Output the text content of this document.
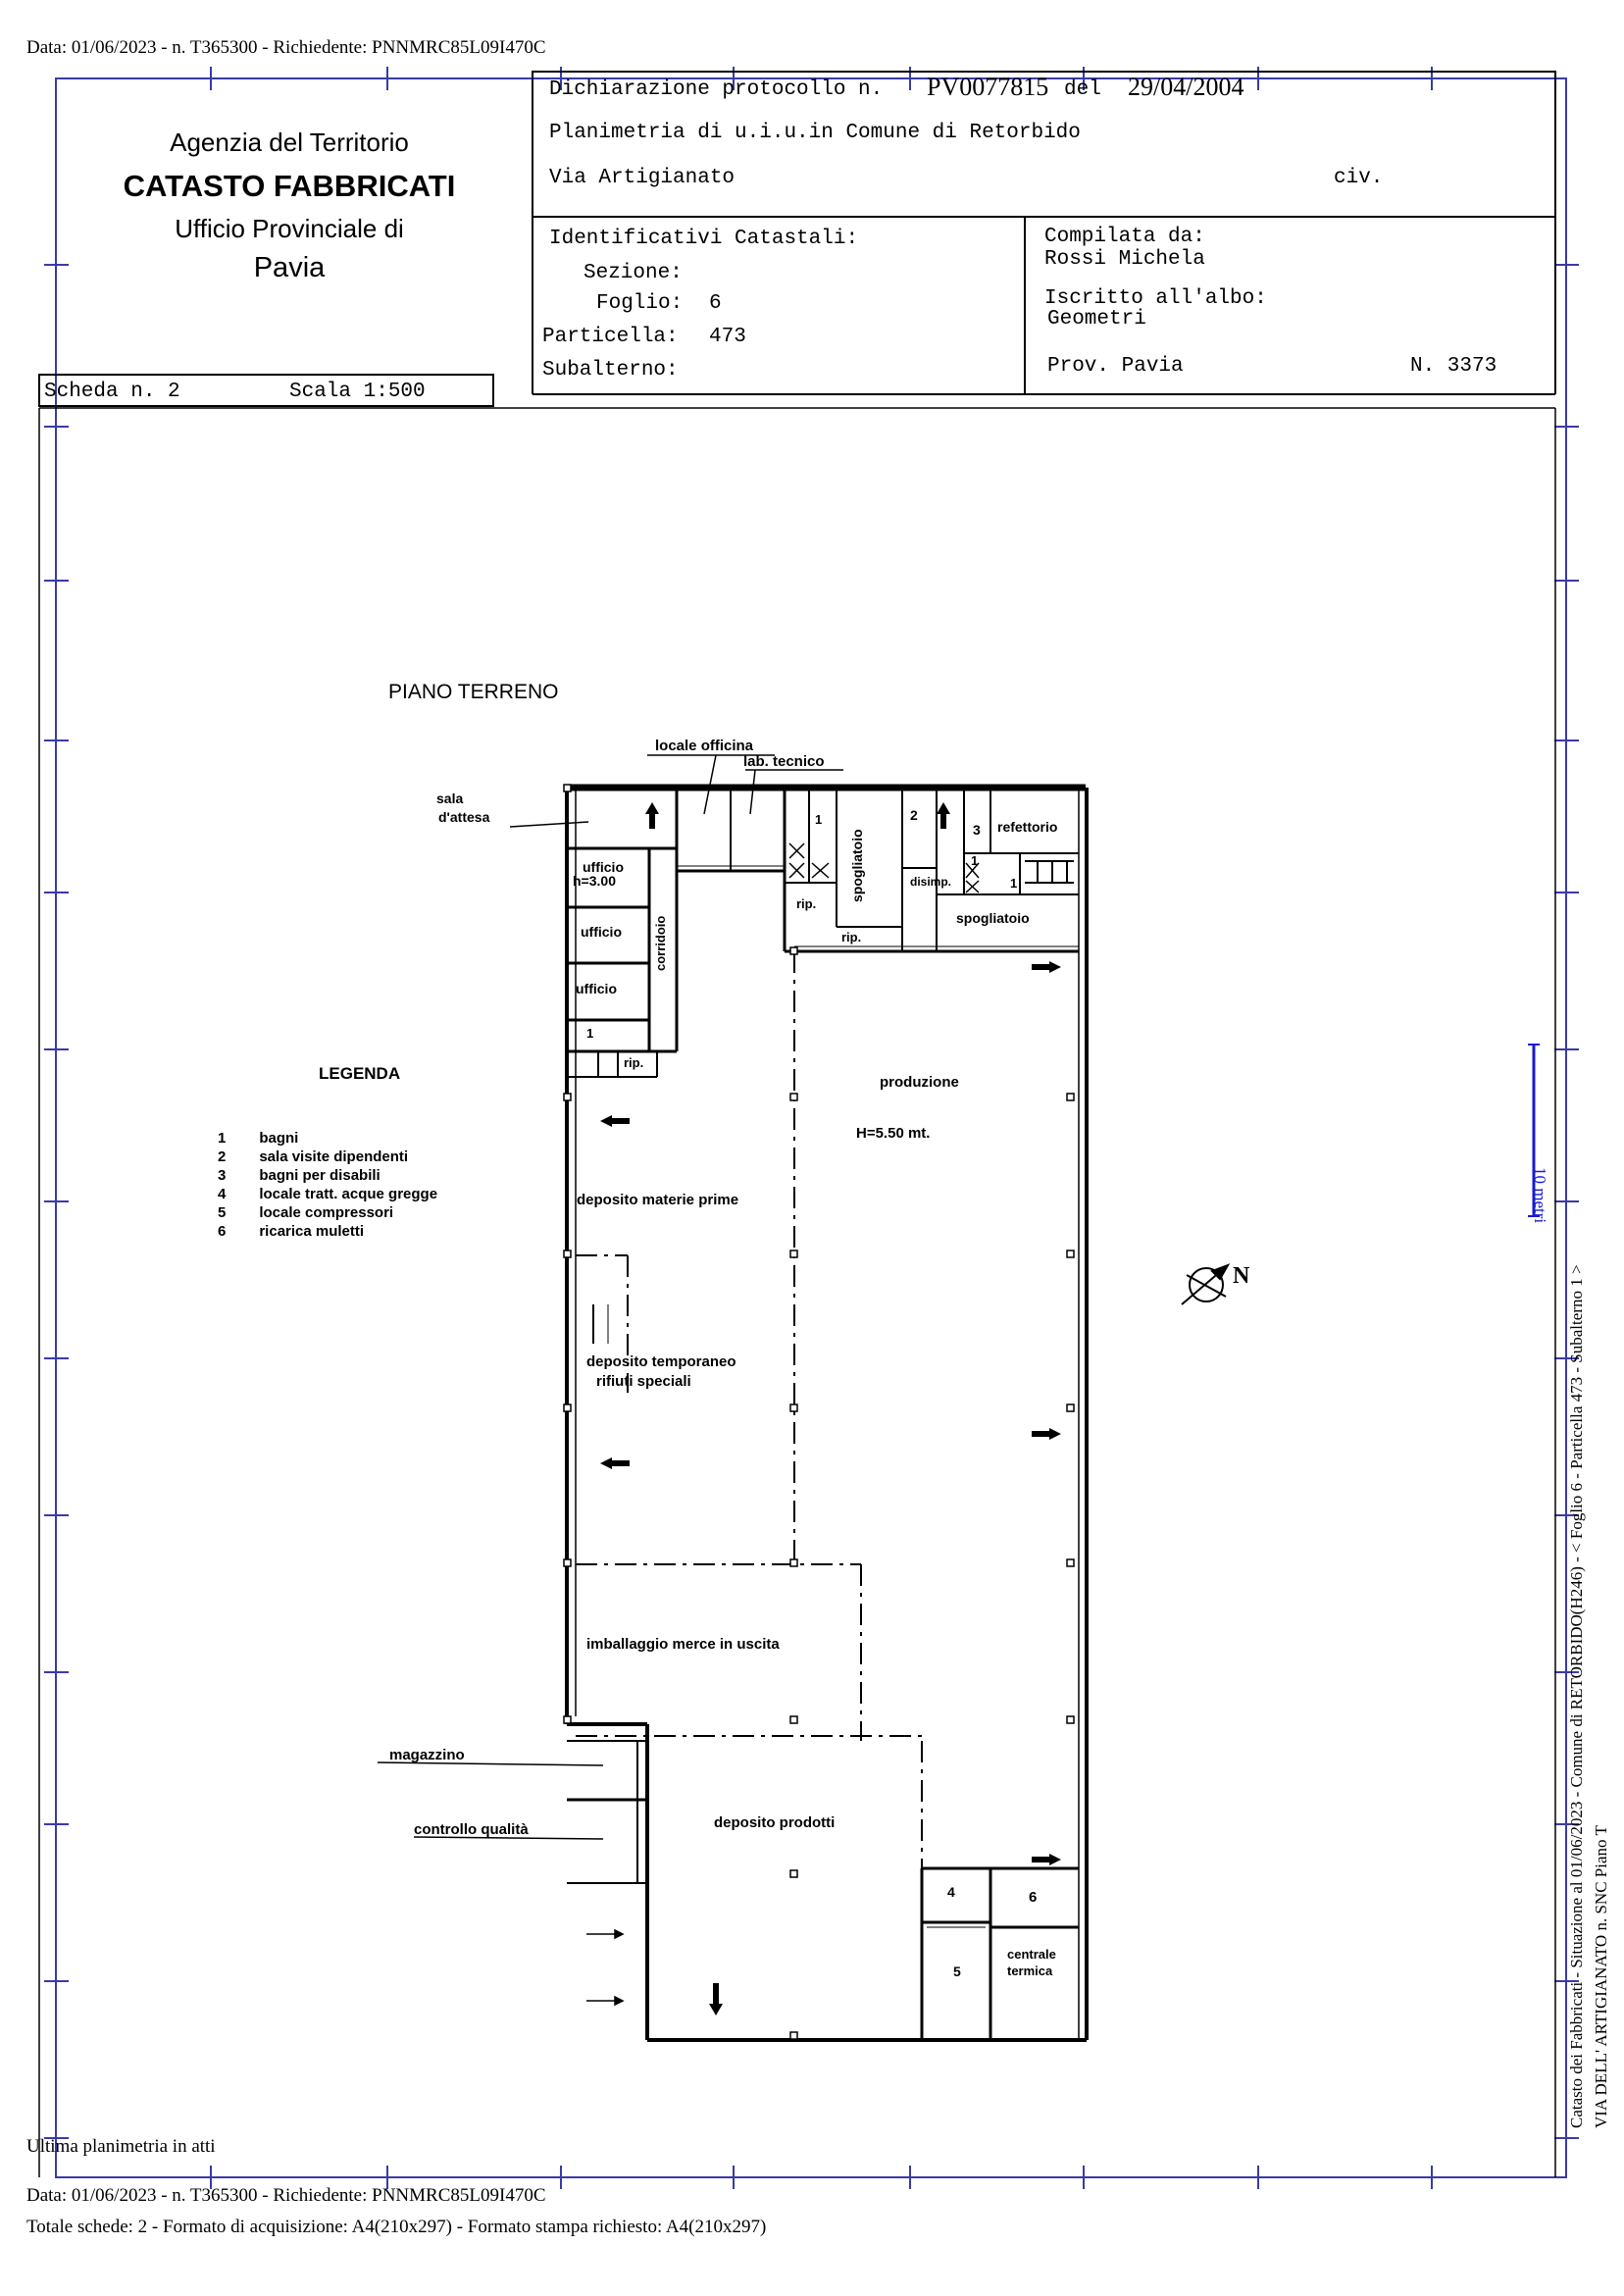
Data: 01/06/2023 - n. T365300 - Richiedente: PNNMRC85L09I470C
Agenzia del Territorio
CATASTO FABBRICATI
Ufficio Provinciale di
Pavia
Dichiarazione protocollo n. PV0077815 del 29/04/2004
Planimetria di u.i.u.in Comune di Retorbido
Via Artigianato	civ.
Identificativi Catastali:
Sezione:
Foglio: 6
Particella: 473
Subalterno:
Compilata da:
Rossi Michela
Iscritto all'albo:
Geometri
Prov. Pavia	N. 3373
Scheda n. 2	Scala 1:500
PIANO TERRENO
locale officina
lab. tecnico
sala
d'attesa
ufficio
h=3.00
ufficio
ufficio
corridoio
rip.
rip.
rip.
spogliatoio	disimp.
refettorio
spogliatoio
1	2
3
1
1
1
produzione
H=5.50 mt.
deposito materie prime
deposito temporaneo
rifiuti speciali
imballaggio merce in uscita
magazzino
controllo qualità	deposito prodotti
4	6
5
centrale
termica
N
10 metri
LEGENDA
1 bagni
2 sala visite dipendenti
3 bagni per disabili
4 locale tratt. acque gregge
5 locale compressori
6 ricarica muletti
Catasto dei Fabbricati - Situazione al 01/06/2023 - Comune di RETORBIDO(H246) - < Foglio 6 - Particella 473 - Subalterno 1 > VIA DELL' ARTIGIANATO n. SNC Piano T
Ultima planimetria in atti
Data: 01/06/2023 - n. T365300 - Richiedente: PNNMRC85L09I470C
Totale schede: 2 - Formato di acquisizione: A4(210x297) - Formato stampa richiesto: A4(210x297)
